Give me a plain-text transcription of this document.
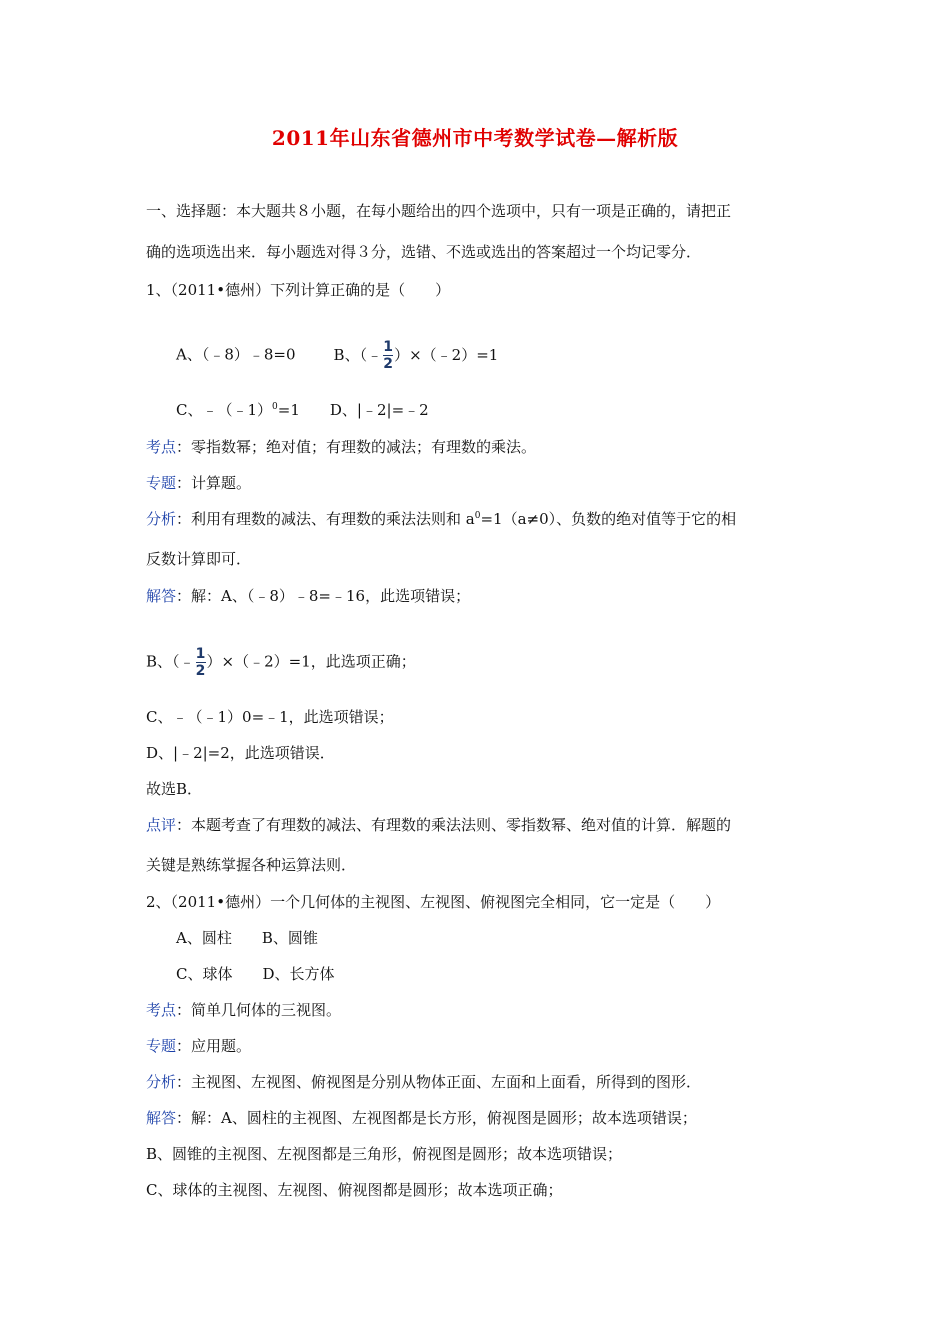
2011年山东省德州市中考数学试卷—解析版
一、选择题：本大题共８小题，在每小题给出的四个选项中，只有一项是正确的，请把正
确的选项选出来．每小题选对得３分，选错、不选或选出的答案超过一个均记零分．
1、（2011•德州）下列计算正确的是（　　）
A、（﹣8）﹣8=0	B、（﹣ $\frac{1}{2}$ ）×（﹣2）=1
C、﹣（﹣1）$^0$=1 D、|﹣2|=﹣2
考点：零指数幂；绝对值；有理数的减法；有理数的乘法。
专题：计算题。
分析：利用有理数的减法、有理数的乘法法则和 $a^0=1(a\ne 0)$、负数的绝对值等于它的相
反数计算即可．
解答：解：A、（﹣8）﹣8=﹣16，此选项错误；
B、（﹣ $\frac{1}{2}$ ）×（﹣2）=1，此选项正确；
C、﹣（﹣1）0=﹣1，此选项错误；
D、|﹣2|=2，此选项错误．
故选B．
点评：本题考查了有理数的减法、有理数的乘法法则、零指数幂、绝对值的计算．解题的
关键是熟练掌握各种运算法则．
2、（2011•德州）一个几何体的主视图、左视图、俯视图完全相同，它一定是（　　）
A、圆柱 B、圆锥
C、球体 D、长方体
考点：简单几何体的三视图。
专题：应用题。
分析：主视图、左视图、俯视图是分别从物体正面、左面和上面看，所得到的图形．
解答：解：A、圆柱的主视图、左视图都是长方形，俯视图是圆形；故本选项错误；
B、圆锥的主视图、左视图都是三角形，俯视图是圆形；故本选项错误；
C、球体的主视图、左视图、俯视图都是圆形；故本选项正确；
